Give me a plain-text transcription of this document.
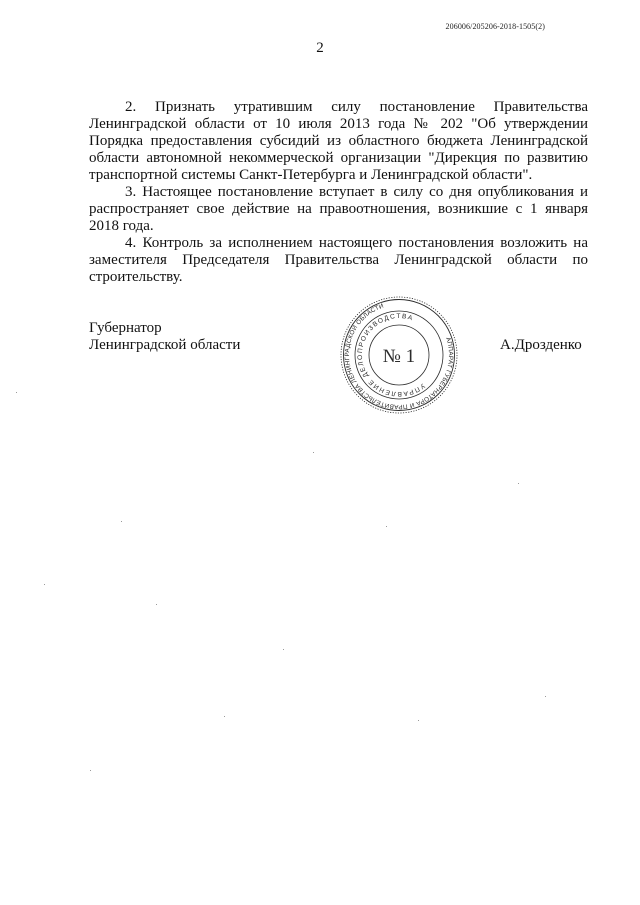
206006/205206-2018-1505(2)
2

2. Признать утратившим силу постановление Правительства Ленинградской области от 10 июля 2013 года № 202 "Об утверждении Порядка предоставления субсидий из областного бюджета Ленинградской области автономной некоммерческой организации "Дирекция по развитию транспортной системы Санкт-Петербурга и Ленинградской области".

3. Настоящее постановление вступает в силу со дня опубликования и распространяет свое действие на правоотношения, возникшие с 1 января 2018 года.

4. Контроль за исполнением настоящего постановления возложить на заместителя Председателя Правительства Ленинградской области по строительству.

Губернатор
Ленинградской области	А.Дрозденко
АППАРАТ ГУБЕРНАТОРА И ПРАВИТЕЛЬСТВА ЛЕНИНГРАДСКОЙ ОБЛАСТИ
УПРАВЛЕНИЕ ДЕЛОПРОИЗВОДСТВА
№ 1
